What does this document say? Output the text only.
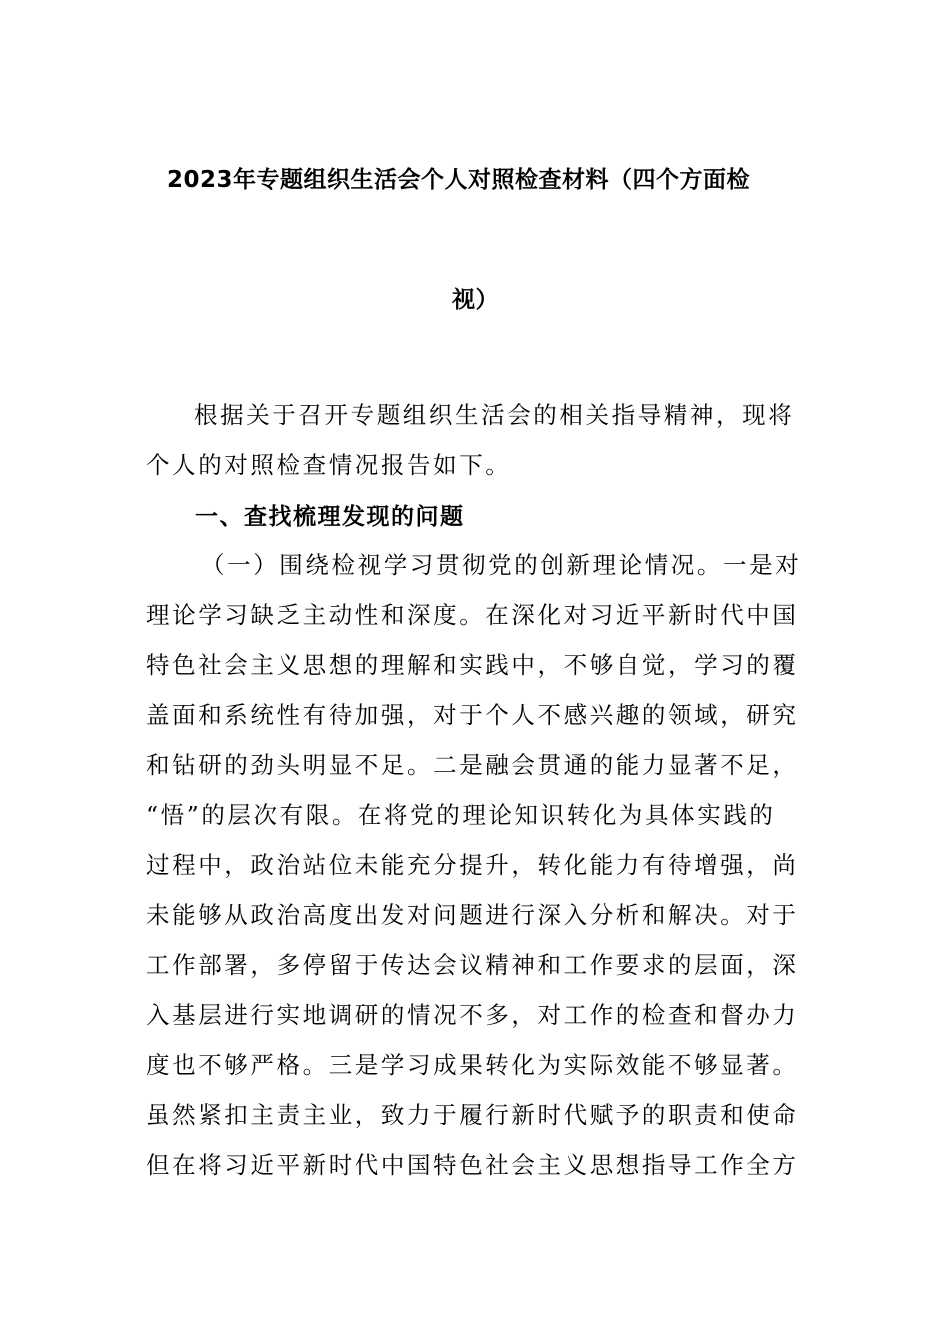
2023年专题组织生活会个人对照检查材料（四个方面检
视）
根据关于召开专题组织生活会的相关指导精神，现将
个人的对照检查情况报告如下。
一、查找梳理发现的问题
（一）围绕检视学习贯彻党的创新理论情况。一是对
理论学习缺乏主动性和深度。在深化对习近平新时代中国
特色社会主义思想的理解和实践中，不够自觉，学习的覆
盖面和系统性有待加强，对于个人不感兴趣的领域，研究
和钻研的劲头明显不足。二是融会贯通的能力显著不足，
“悟”的层次有限。在将党的理论知识转化为具体实践的
过程中，政治站位未能充分提升，转化能力有待增强，尚
未能够从政治高度出发对问题进行深入分析和解决。对于
工作部署，多停留于传达会议精神和工作要求的层面，深
入基层进行实地调研的情况不多，对工作的检查和督办力
度也不够严格。三是学习成果转化为实际效能不够显著。
虽然紧扣主责主业，致力于履行新时代赋予的职责和使命
但在将习近平新时代中国特色社会主义思想指导工作全方
